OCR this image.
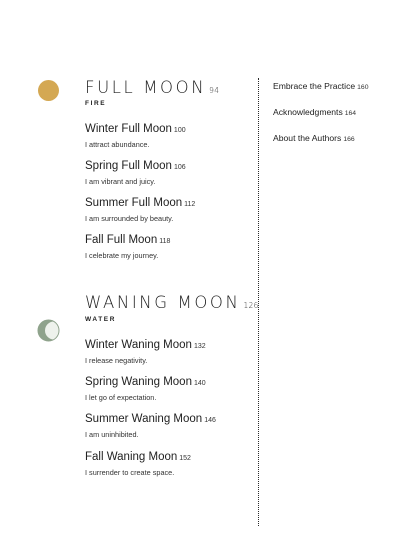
FULL MOON 94
FIRE
Winter Full Moon 100
I attract abundance.
Spring Full Moon 106
I am vibrant and juicy.
Summer Full Moon 112
I am surrounded by beauty.
Fall Full Moon 118
I celebrate my journey.
WANING MOON 126
WATER
Winter Waning Moon 132
I release negativity.
Spring Waning Moon 140
I let go of expectation.
Summer Waning Moon 146
I am uninhibited.
Fall Waning Moon 152
I surrender to create space.
Embrace the Practice 160
Acknowledgments 164
About the Authors 166
